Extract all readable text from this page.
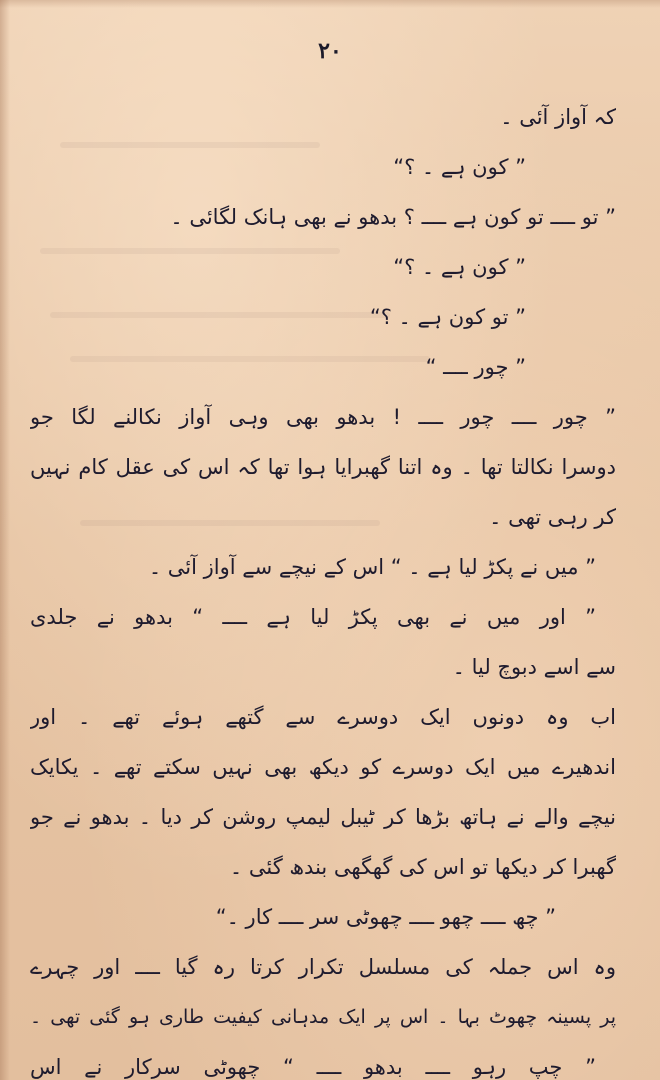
۲۰
کہ آواز آئی ۔
” کون ہے ۔ ؟“
” تو ــــ تو کون ہے ــــ ؟ بدھو نے بھی ہانک لگائی ۔
” کون ہے ۔ ؟“
” تو کون ہے ۔ ؟“
” چور ــــ “
” چور ــــ چور ــــ ! بدھو بھی وہی آواز نکالنے لگا جو
دوسرا نکالتا تھا ۔ وہ اتنا گھبرایا ہوا تھا کہ اس کی عقل کام نہیں
کر رہی تھی ۔
” میں نے پکڑ لیا ہے ۔ “ اس کے نیچے سے آواز آئی ۔
” اور میں نے بھی پکڑ لیا ہے ــــ “ بدھو نے جلدی
سے اسے دبوچ لیا ۔
اب وہ دونوں ایک دوسرے سے گتھے ہوئے تھے ۔ اور
اندھیرے میں ایک دوسرے کو دیکھ بھی نہیں سکتے تھے ۔ یکایک
نیچے والے نے ہاتھ بڑھا کر ٹیبل لیمپ روشن کر دیا ۔ بدھو نے جو
گھبرا کر دیکھا تو اس کی گھگھی بندھ گئی ۔
” چھ ــــ چھو ــــ چھوٹی سر ــــ کار ۔“
وہ اس جملہ کی مسلسل تکرار کرتا رہ گیا ــــ اور چہرے
پر پسینہ چھوٹ بہا ۔ اس پر ایک مدہانی کیفیت طاری ہو گئی تھی ۔
” چپ رہو ــــ بدھو ــــ “ چھوٹی سرکار نے اس
